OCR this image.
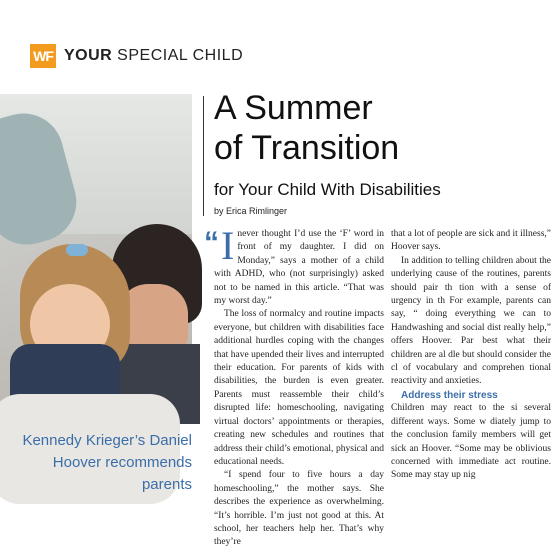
WF YOUR SPECIAL CHILD
Kennedy Krieger’s Daniel Hoover recommends parents
A Summer
of Transition
for Your Child With Disabilities
by Erica Rimlinger

“ I never thought I’d use the ‘F’ word in front of my daughter. I did on Monday,” says a mother of a child with ADHD, who (not surprisingly) asked not to be named in this article. “That was my worst day.”

The loss of normalcy and routine impacts everyone, but children with disabilities face additional hurdles coping with the changes that have upended their lives and interrupted their education. For parents of kids with disabilities, the burden is even greater. Parents must reassemble their child’s disrupted life: homeschooling, navigating virtual doctors’ appointments or therapies, creating new schedules and routines that address their child’s emotional, physical and educational needs.

“I spend four to five hours a day homeschooling,” the mother says. She describes the experience as overwhelming. “It’s horrible. I’m just not good at this. At school, her teachers help her. That’s why they’re

that a lot of people are sick and it illness,” Hoover says.

In addition to telling children about the underlying cause of the routines, parents should pair th tion with a sense of urgency in th For example, parents can say, “ doing everything we can to Handwashing and social dist really help,” offers Hoover. Par best what their children are al dle but should consider the cl of vocabulary and comprehen tional reactivity and anxieties.

Address their stress

Children may react to the si several different ways. Some w diately jump to the conclusion family members will get sick an Hoover. “Some may be oblivious concerned with immediate act routine. Some may stay up nig
